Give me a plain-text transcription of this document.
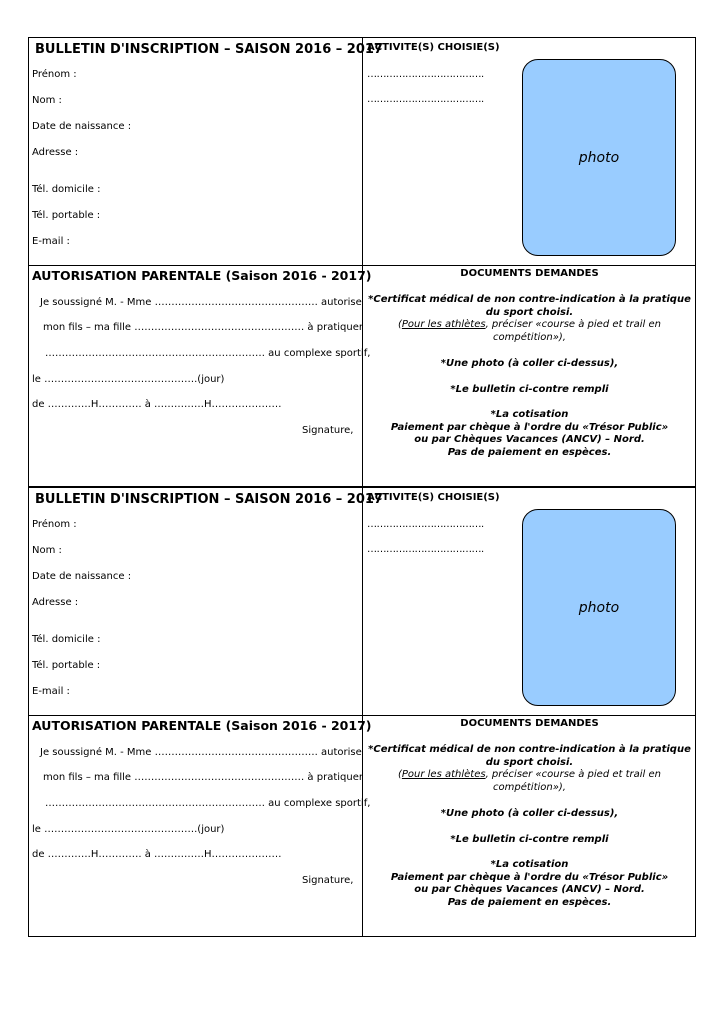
BULLETIN D'INSCRIPTION – SAISON 2016 – 2017
Prénom :
Nom :
Date de naissance :
Adresse :
Tél. domicile :
Tél. portable :
E-mail :
ACTIVITE(S) CHOISIE(S)
……………………………….
……………………………….
photo
AUTORISATION PARENTALE (Saison 2016 - 2017)
Je soussigné M. - Mme …………………………………………. autorise
mon fils – ma fille …………………………………………… à pratiquer
………………………………………………………… au complexe sportif,
le ……………………………………….(jour)
de ………….H…………. à ……………H…………………
Signature,
DOCUMENTS DEMANDES
*Certificat médical de non contre-indication à la pratique
du sport choisi.
(Pour les athlètes, préciser «course à pied et trail en
compétition»),
*Une photo (à coller ci-dessus),
*Le bulletin ci-contre rempli
*La cotisation
Paiement par chèque à l'ordre du «Trésor Public»
ou par Chèques Vacances (ANCV) – Nord.
Pas de paiement en espèces.
BULLETIN D'INSCRIPTION – SAISON 2016 – 2017
Prénom :
Nom :
Date de naissance :
Adresse :
Tél. domicile :
Tél. portable :
E-mail :
ACTIVITE(S) CHOISIE(S)
……………………………….
……………………………….
photo
AUTORISATION PARENTALE (Saison 2016 - 2017)
Je soussigné M. - Mme …………………………………………. autorise
mon fils – ma fille …………………………………………… à pratiquer
………………………………………………………… au complexe sportif,
le ……………………………………….(jour)
de ………….H…………. à ……………H…………………
Signature,
DOCUMENTS DEMANDES
*Certificat médical de non contre-indication à la pratique
du sport choisi.
(Pour les athlètes, préciser «course à pied et trail en
compétition»),
*Une photo (à coller ci-dessus),
*Le bulletin ci-contre rempli
*La cotisation
Paiement par chèque à l'ordre du «Trésor Public»
ou par Chèques Vacances (ANCV) – Nord.
Pas de paiement en espèces.
